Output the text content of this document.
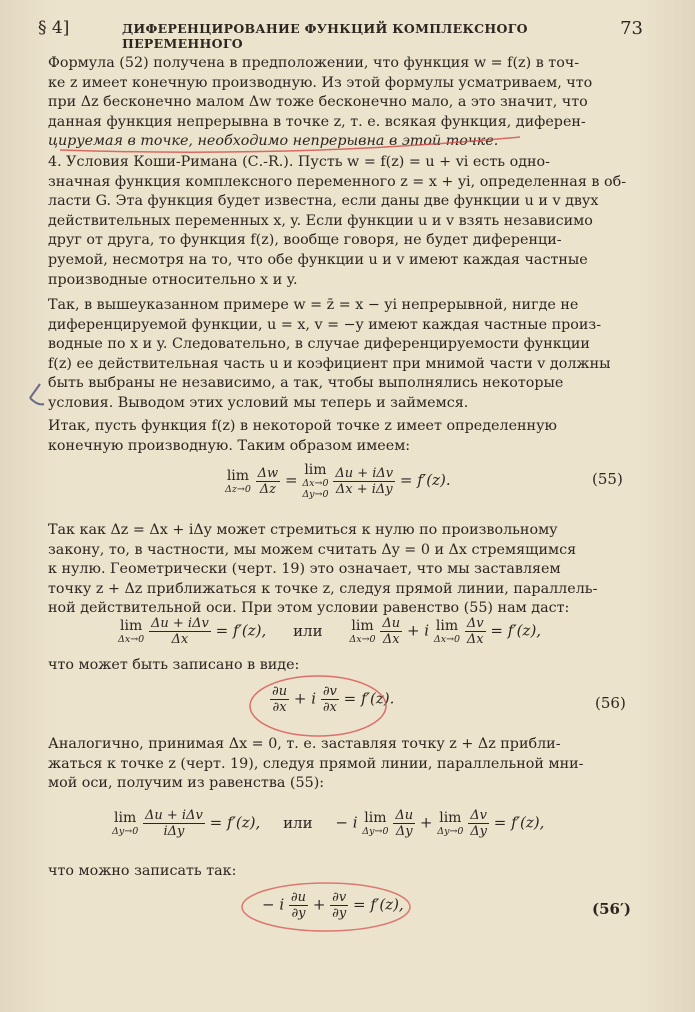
§ 4]	ДИФЕРЕНЦИРОВАНИЕ ФУНКЦИЙ КОМПЛЕКСНОГО ПЕРЕМЕННОГО
73
Формула (52) получена в предположении, что функция w = f(z) в точ-
ке z имеет конечную производную. Из этой формулы усматриваем, что
при Δz бесконечно малом Δw тоже бесконечно мало, а это значит, что
данная функция непрерывна в точке z, т. е. всякая функция, диферен-
цируемая в точке, необходимо непрерывна в этой точке.
4. Условия Коши-Римана (С.-R.). Пусть w = f(z) = u + vi есть одно-
значная функция комплексного переменного z = x + yi, определенная в об-
ласти G. Эта функция будет известна, если даны две функции u и v двух
действительных переменных x, y. Если функции u и v взять независимо
друг от друга, то функция f(z), вообще говоря, не будет диференци-
руемой, несмотря на то, что обе функции u и v имеют каждая частные
производные относительно x и y.
Так, в вышеуказанном примере w = z̄ = x − yi непрерывной, нигде не
диференцируемой функции, u = x, v = −y имеют каждая частные произ-
водные по x и y. Следовательно, в случае диференцируемости функции
f(z) ее действительная часть u и коэфициент при мнимой части v должны
быть выбраны не независимо, а так, чтобы выполнялись некоторые
условия. Выводом этих условий мы теперь и займемся.
Итак, пусть функция f(z) в некоторой точке z имеет определенную
конечную производную. Таким образом имеем:
lim
Δz→0
$\frac{\Delta w}{\Delta z} = \lim$
Δx→0
Δy→0
$\frac{\text{Δu + iΔv}}{\text{Δx + iΔy}} = f'(z)$.	(55)
Так как Δz = Δx + iΔy может стремиться к нулю по произвольному
закону, то, в частности, мы можем считать Δy = 0 и Δx стремящимся
к нулю. Геометрически (черт. 19) это означает, что мы заставляем
точку z + Δz приближаться к точке z, следуя прямой линии, параллель-
ной действительной оси. При этом условии равенство (55) нам даст:
lim
Δx→0
$\frac{\text{Δu + iΔv}}{\Delta x} = f'(z)$, или lim
Δx→0
$\frac{\Delta u}{\Delta x} + i$ lim
Δx→0
$\frac{\Delta v}{\Delta x} = f'(z)$,
что может быть записано в виде:
$\frac{\partial u}{\partial x} + i \frac{\partial v}{\partial x} = f'(z)$.	(56)
Аналогично, принимая Δx = 0, т. е. заставляя точку z + Δz прибли-
жаться к точке z (черт. 19), следуя прямой линии, параллельной мни-
мой оси, получим из равенства (55):
lim
Δy→0
$\frac{\text{Δu + iΔv}}{\text{iΔy}} = f'(z)$, или − i lim
Δy→0
$\frac{\Delta u}{\Delta y} + \lim$
Δy→0
$\frac{\Delta v}{\Delta y} = f'(z)$,
что можно записать так:
− i $\frac{\partial u}{\partial y} + \frac{\partial v}{\partial y} = f'(z)$,	(56′)
